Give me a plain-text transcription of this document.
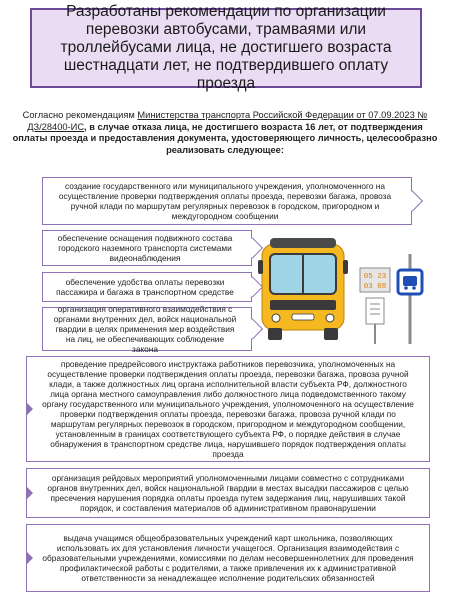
Разработаны рекомендации по организации перевозки автобусами, трамваями или троллейбусами лица, не достигшего возраста шестнадцати лет, не подтвердившего оплату проезда
Согласно рекомендациям Министерства транспорта Российской Федерации от 07.09.2023 № ДЗ/28400-ИС, в случае отказа лица, не достигшего возраста 16 лет, от подтверждения оплаты проезда и предоставления документа, удостоверяющего личность, целесообразно реализовать следующее:
создание государственного или муниципального учреждения, уполномоченного на осуществление проверки подтверждения оплаты проезда, перевозки багажа, провоза ручной клади по маршрутам регулярных перевозок в городском, пригородном и междугородном сообщении
обеспечение оснащения подвижного состава городского наземного транспорта системами видеонаблюдения
обеспечение удобства оплаты перевозки пассажира и багажа в транспортном средстве
организация оперативного взаимодействия с органами внутренних дел, войск национальной гвардии в целях применения мер воздействия на лиц, не обеспечивающих соблюдение закона
05 23
03 08
проведение предрейсового инструктажа работников перевозчика, уполномоченных на осуществление проверки подтверждения оплаты проезда, перевозки багажа, провоза ручной клади, а также должностных лиц органа исполнительной власти субъекта РФ, должностного лица органа местного самоуправления либо должностного лица подведомственного такому органу государственного или муниципального учреждения, уполномоченного на осуществление проверки подтверждения оплаты проезда, перевозки багажа, провоза ручной клади по маршрутам регулярных перевозок в городском, пригородном и междугородном сообщении, установленным в границах соответствующего субъекта РФ, о порядке действия в случае обнаружения в транспортном средстве лица, нарушившего порядок подтверждения оплаты проезда
организация рейдовых мероприятий уполномоченными лицами совместно с сотрудниками органов внутренних дел, войск национальной гвардии в местах высадки пассажиров с целью пресечения нарушения порядка оплаты проезда путем задержания лиц, нарушивших такой порядок, и составления материалов об административном правонарушении
выдача учащимся общеобразовательных учреждений карт школьника, позволяющих использовать их для установления личности учащегося. Организация взаимодействия с образовательными учреждениями, комиссиями по делам несовершеннолетних для проведения профилактической работы с родителями, а также привлечения их к административной ответственности за ненадлежащее исполнение родительских обязанностей
